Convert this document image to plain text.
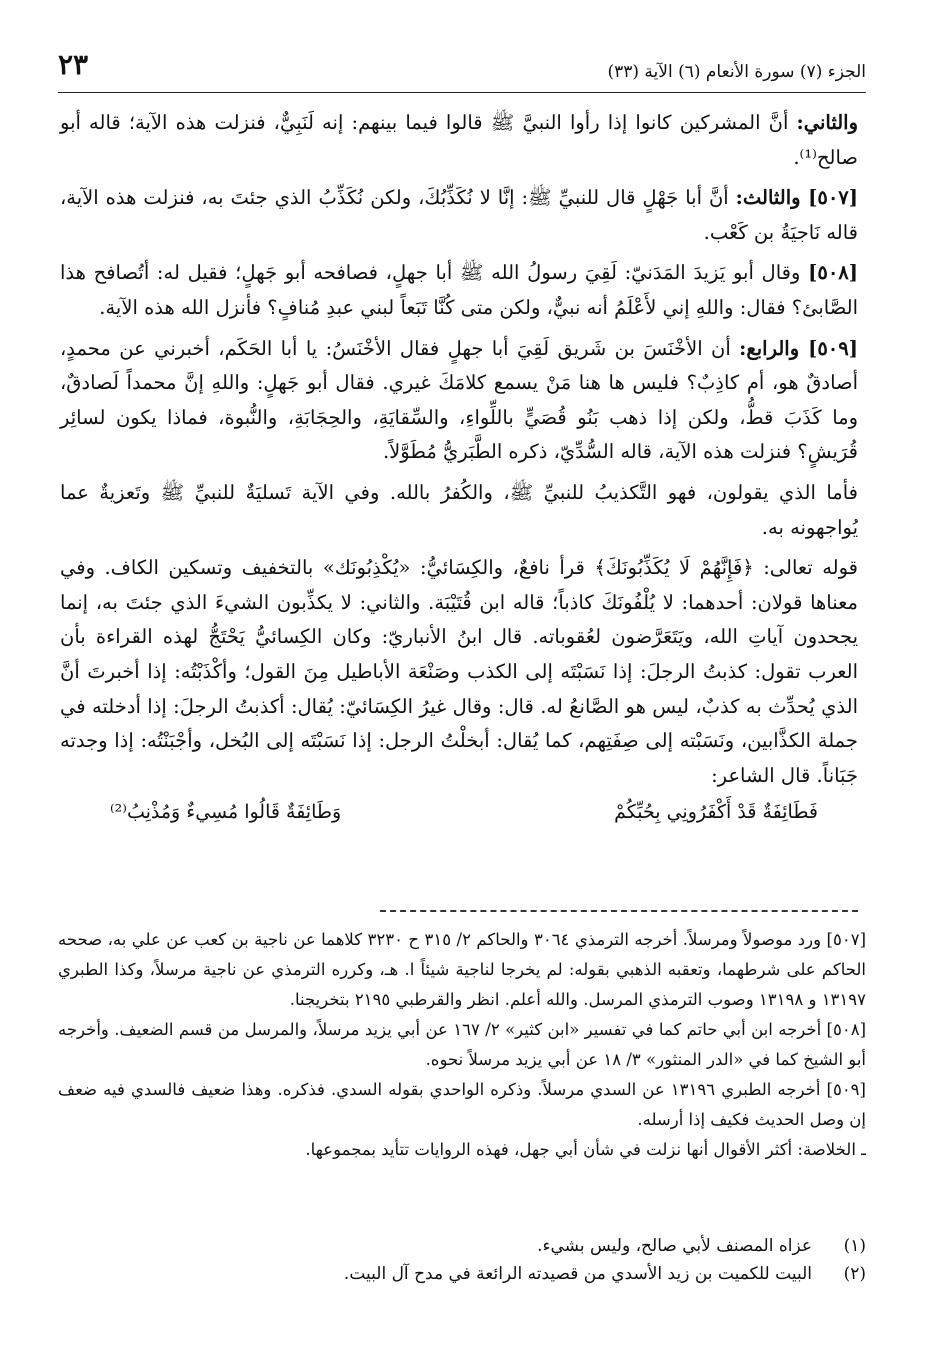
٢٣	الجزء (٧) سورة الأنعام (٦) الآية (٣٣)

والثاني: أنَّ المشركين كانوا إذا رأوا النبيَّ ﷺ قالوا فيما بينهم: إنه لَنَبِيٌّ، فنزلت هذه الآية؛ قاله أبو صالح⁽¹⁾.

[٥٠٧] والثالث: أنَّ أبا جَهْلٍ قال للنبيِّ ﷺ: إنَّا لا نُكَذِّبُكَ، ولكن نُكَذِّبُ الذي جئتَ به، فنزلت هذه الآية، قاله نَاجيَةُ بن كَعْب.

[٥٠٨] وقال أبو يَزيدَ المَدَنيّ: لَقِيَ رسولُ الله ﷺ أبا جهلٍ، فصافحه أبو جَهلٍ؛ فقيل له: أتُصافح هذا الصَّابئ؟ فقال: واللهِ إني لأَعْلَمُ أنه نبيٌّ، ولكن متى كُنَّا تَبَعاً لبني عبدِ مُنافٍ؟ فأنزل الله هذه الآية.

[٥٠٩] والرابع: أن الأخْنَسَ بن شَريق لَقِيَ أبا جهلٍ فقال الأخْنَسُ: يا أبا الحَكَم، أخبرني عن محمدٍ، أصادقٌ هو، أم كاذِبٌ؟ فليس ها هنا مَنْ يسمع كلامَكَ غيري. فقال أبو جَهلٍ: واللهِ إنَّ محمداً لَصادقٌ، وما كَذَبَ قطُّ، ولكن إذا ذهب بَنُو قُصَيٍّ باللِّواءِ، والسِّقايَةِ، والحِجَابَةِ، والنُّبوة، فماذا يكون لسائِر قُرَيشٍ؟ فنزلت هذه الآية، قاله السُّدِّيّ، ذكره الطَّبَريُّ مُطَوَّلاً.

فأما الذي يقولون، فهو التَّكذيبُ للنبيِّ ﷺ، والكُفرُ بالله. وفي الآية تَسليَةٌ للنبيِّ ﷺ وتَعزيةٌ عما يُواجهونه به.

قوله تعالى: ﴿فَإِنَّهُمْ لَا يُكَذِّبُونَكَ﴾ قرأ نافعٌ، والكِسَائيُّ: «يُكْذِبُونَك» بالتخفيف وتسكين الكاف. وفي معناها قولان: أحدهما: لا يُلْفُونَكَ كاذباً؛ قاله ابن قُتَيْبَة. والثاني: لا يكذِّبون الشيءَ الذي جئتَ به، إنما يجحدون آياتِ الله، ويَتَعَرَّضون لعُقوباته. قال ابنُ الأنباريّ: وكان الكِسائيُّ يَحْتَجُّ لهذه القراءة بأن العرب تقول: كذبتُ الرجلَ: إذا نَسَبْتَه إلى الكذب وصَنْعَة الأباطيل مِنَ القول؛ وأكْذَبْتُه: إذا أخبرتَ أنَّ الذي يُحدِّث به كذبٌ، ليس هو الصَّانعُ له. قال: وقال غيرُ الكِسَائيّ: يُقال: أكذبتُ الرجلَ: إذا أدخلته في جملة الكذَّابين، ونَسَبْته إلى صِفَتِهم، كما يُقال: أبخلْتُ الرجل: إذا نَسَبْتَه إلى البُخل، وأجْبَنْتُه: إذا وجدته جَبَاناً. قال الشاعر:

فَطَائِفَةٌ قَدْ أَكْفَرُونِي بِحُبِّكُمْ
وَطَائِفَةٌ قَالُوا مُسِيءٌ وَمُذْنِبُ⁽²⁾

[٥٠٧] ورد موصولاً ومرسلاً. أخرجه الترمذي ٣٠٦٤ والحاكم ٢/ ٣١٥ ح ٣٢٣٠ كلاهما عن ناجية بن كعب عن علي به، صححه الحاكم على شرطهما، وتعقبه الذهبي بقوله: لم يخرجا لناجية شيئاً ا. هـ، وكرره الترمذي عن ناجية مرسلاً، وكذا الطبري ١٣١٩٧ و ١٣١٩٨ وصوب الترمذي المرسل. والله أعلم. انظر والقرطبي ٢١٩٥ بتخريجنا.

[٥٠٨] أخرجه ابن أبي حاتم كما في تفسير «ابن كثير» ٢/ ١٦٧ عن أبي يزيد مرسلاً، والمرسل من قسم الضعيف. وأخرجه أبو الشيخ كما في «الدر المنثور» ٣/ ١٨ عن أبي يزيد مرسلاً نحوه.

[٥٠٩] أخرجه الطبري ١٣١٩٦ عن السدي مرسلاً. وذكره الواحدي بقوله السدي. فذكره. وهذا ضعيف فالسدي فيه ضعف إن وصل الحديث فكيف إذا أرسله.

ـ الخلاصة: أكثر الأقوال أنها نزلت في شأن أبي جهل، فهذه الروايات تتأيد بمجموعها.

(١)
عزاه المصنف لأبي صالح، وليس بشيء.
(٢)
البيت للكميت بن زيد الأسدي من قصيدته الرائعة في مدح آل البيت.
